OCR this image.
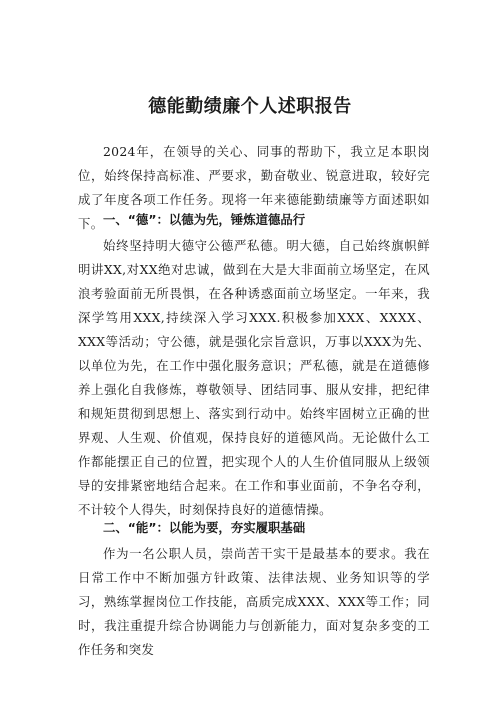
德能勤绩廉个人述职报告

2024年，在领导的关心、同事的帮助下，我立足本职岗位，始终保持高标准、严要求，勤奋敬业、锐意进取，较好完成了年度各项工作任务。现将一年来德能勤绩廉等方面述职如下。 一、“德”：以德为先，锤炼道德品行

始终坚持明大德守公德严私德。明大德，自己始终旗帜鲜明讲XX,对XX绝对忠诚，做到在大是大非面前立场坚定，在风浪考验面前无所畏惧，在各种诱惑面前立场坚定。一年来，我深学笃用XXX,持续深入学习XXX.积极参加XXX、XXXX、XXX等活动；守公德，就是强化宗旨意识，万事以XXX为先、以单位为先，在工作中强化服务意识；严私德，就是在道德修养上强化自我修炼，尊敬领导、团结同事、服从安排，把纪律和规矩贯彻到思想上、落实到行动中。始终牢固树立正确的世界观、人生观、价值观，保持良好的道德风尚。无论做什么工作都能摆正自己的位置，把实现个人的人生价值同服从上级领导的安排紧密地结合起来。在工作和事业面前，不争名夺利，不计较个人得失，时刻保持良好的道德情操。

二、“能”：以能为要，夯实履职基础

作为一名公职人员，崇尚苦干实干是最基本的要求。我在日常工作中不断加强方针政策、法律法规、业务知识等的学习，熟练掌握岗位工作技能，高质完成XXX、XXX等工作；同时，我注重提升综合协调能力与创新能力，面对复杂多变的工作任务和突发
